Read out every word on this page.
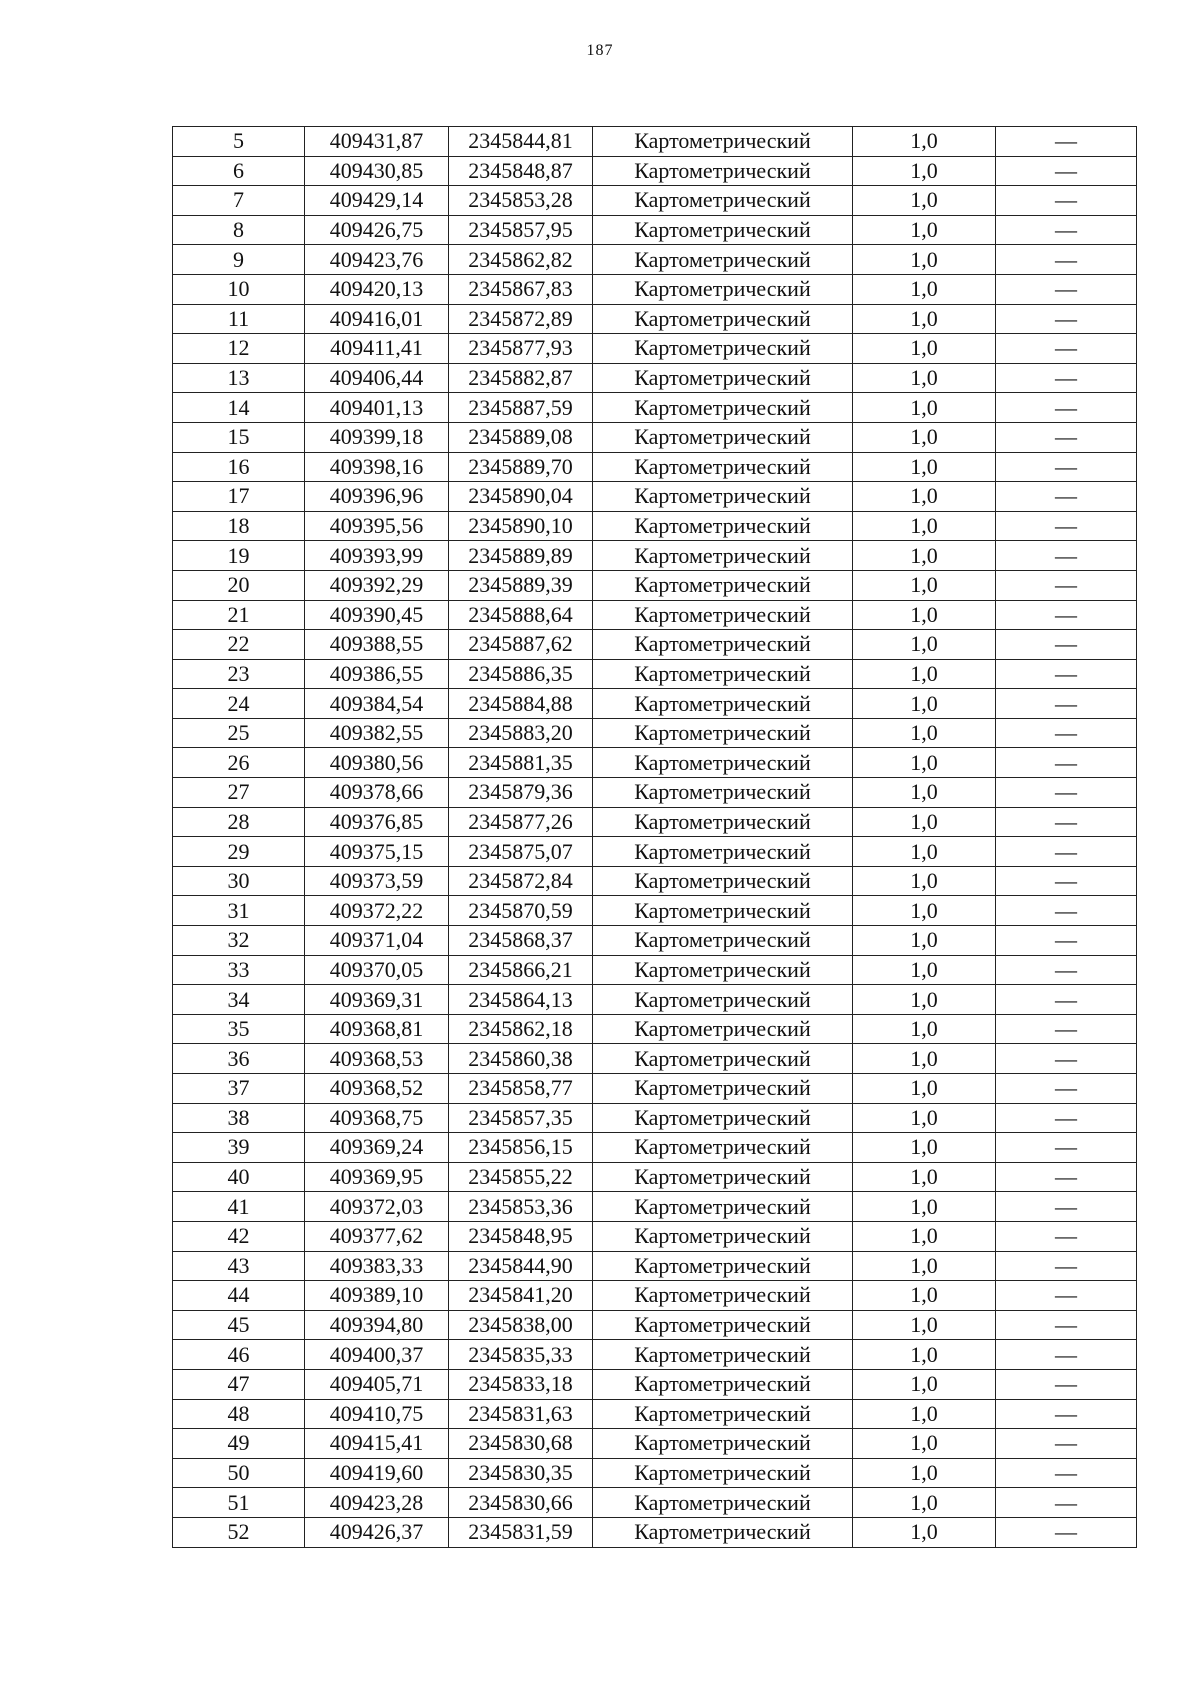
187
5	409431,87	2345844,81	Картометрический	1,0	—
6	409430,85	2345848,87	Картометрический	1,0	—
7	409429,14	2345853,28	Картометрический	1,0	—
8	409426,75	2345857,95	Картометрический	1,0	—
9	409423,76	2345862,82	Картометрический	1,0	—
10	409420,13	2345867,83	Картометрический	1,0	—
11	409416,01	2345872,89	Картометрический	1,0	—
12	409411,41	2345877,93	Картометрический	1,0	—
13	409406,44	2345882,87	Картометрический	1,0	—
14	409401,13	2345887,59	Картометрический	1,0	—
15	409399,18	2345889,08	Картометрический	1,0	—
16	409398,16	2345889,70	Картометрический	1,0	—
17	409396,96	2345890,04	Картометрический	1,0	—
18	409395,56	2345890,10	Картометрический	1,0	—
19	409393,99	2345889,89	Картометрический	1,0	—
20	409392,29	2345889,39	Картометрический	1,0	—
21	409390,45	2345888,64	Картометрический	1,0	—
22	409388,55	2345887,62	Картометрический	1,0	—
23	409386,55	2345886,35	Картометрический	1,0	—
24	409384,54	2345884,88	Картометрический	1,0	—
25	409382,55	2345883,20	Картометрический	1,0	—
26	409380,56	2345881,35	Картометрический	1,0	—
27	409378,66	2345879,36	Картометрический	1,0	—
28	409376,85	2345877,26	Картометрический	1,0	—
29	409375,15	2345875,07	Картометрический	1,0	—
30	409373,59	2345872,84	Картометрический	1,0	—
31	409372,22	2345870,59	Картометрический	1,0	—
32	409371,04	2345868,37	Картометрический	1,0	—
33	409370,05	2345866,21	Картометрический	1,0	—
34	409369,31	2345864,13	Картометрический	1,0	—
35	409368,81	2345862,18	Картометрический	1,0	—
36	409368,53	2345860,38	Картометрический	1,0	—
37	409368,52	2345858,77	Картометрический	1,0	—
38	409368,75	2345857,35	Картометрический	1,0	—
39	409369,24	2345856,15	Картометрический	1,0	—
40	409369,95	2345855,22	Картометрический	1,0	—
41	409372,03	2345853,36	Картометрический	1,0	—
42	409377,62	2345848,95	Картометрический	1,0	—
43	409383,33	2345844,90	Картометрический	1,0	—
44	409389,10	2345841,20	Картометрический	1,0	—
45	409394,80	2345838,00	Картометрический	1,0	—
46	409400,37	2345835,33	Картометрический	1,0	—
47	409405,71	2345833,18	Картометрический	1,0	—
48	409410,75	2345831,63	Картометрический	1,0	—
49	409415,41	2345830,68	Картометрический	1,0	—
50	409419,60	2345830,35	Картометрический	1,0	—
51	409423,28	2345830,66	Картометрический	1,0	—
52	409426,37	2345831,59	Картометрический	1,0	—
